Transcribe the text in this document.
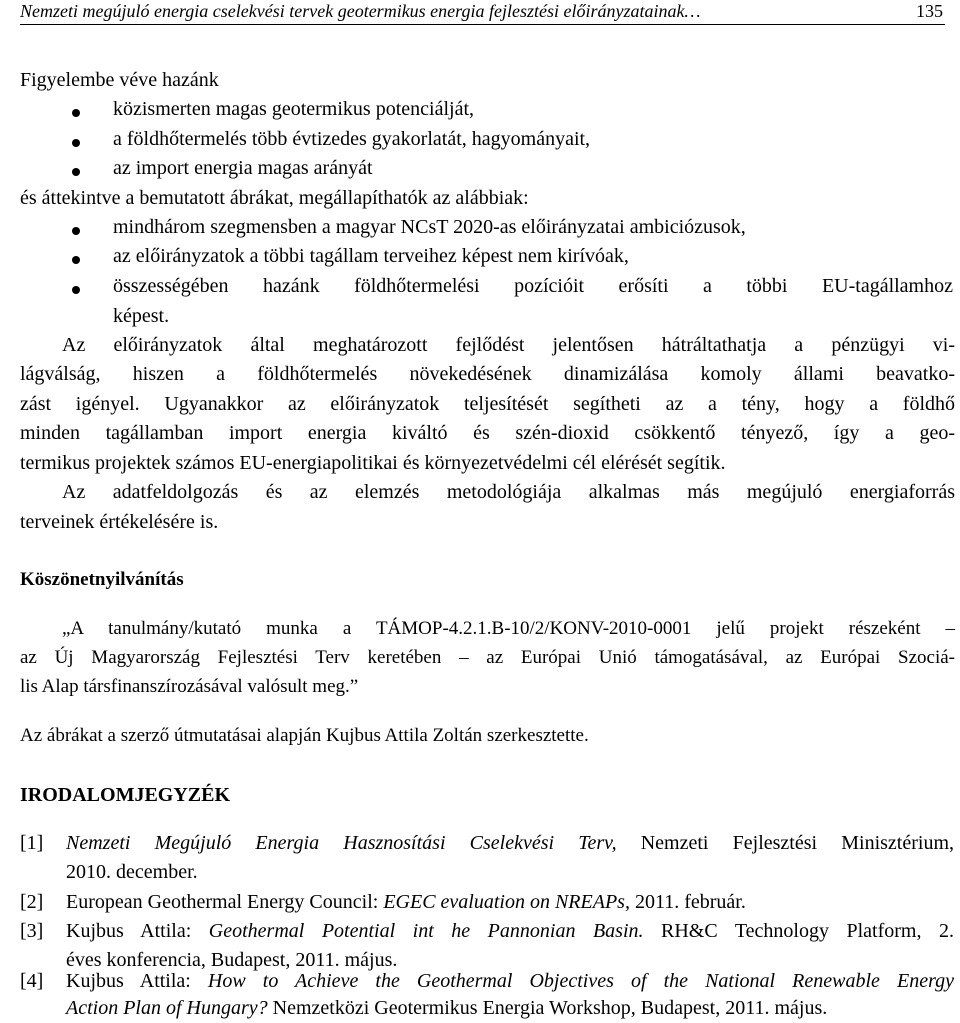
Nemzeti megújuló energia cselekvési tervek geotermikus energia fejlesztési előirányzatainak…	135
Figyelembe véve hazánk
közismerten magas geotermikus potenciálját,
a földhőtermelés több évtizedes gyakorlatát, hagyományait,
az import energia magas arányát
és áttekintve a bemutatott ábrákat, megállapíthatók az alábbiak:
mindhárom szegmensben a magyar NCsT 2020-as előirányzatai ambiciózusok,
az előirányzatok a többi tagállam terveihez képest nem kirívóak,
összességében hazánk földhőtermelési pozícióit erősíti a többi EU-tagállamhoz
képest.
Az előirányzatok által meghatározott fejlődést jelentősen hátráltathatja a pénzügyi vi-
lágválság, hiszen a földhőtermelés növekedésének dinamizálása komoly állami beavatko-
zást igényel. Ugyanakkor az előirányzatok teljesítését segítheti az a tény, hogy a földhő
minden tagállamban import energia kiváltó és szén-dioxid csökkentő tényező, így a geo-
termikus projektek számos EU-energiapolitikai és környezetvédelmi cél elérését segítik.
Az adatfeldolgozás és az elemzés metodológiája alkalmas más megújuló energiaforrás
terveinek értékelésére is.
Köszönetnyilvánítás
„A tanulmány/kutató munka a TÁMOP-4.2.1.B-10/2/KONV-2010-0001 jelű projekt részeként –
az Új Magyarország Fejlesztési Terv keretében – az Európai Unió támogatásával, az Európai Szociá-
lis Alap társfinanszírozásával valósult meg.”
Az ábrákat a szerző útmutatásai alapján Kujbus Attila Zoltán szerkesztette.
IRODALOMJEGYZÉK
[1] Nemzeti Megújuló Energia Hasznosítási Cselekvési Terv, Nemzeti Fejlesztési Minisztérium,
2010. december.
[2] European Geothermal Energy Council: EGEC evaluation on NREAPs, 2011. február.
[3] Kujbus Attila: Geothermal Potential int he Pannonian Basin. RH&C Technology Platform, 2.
éves konferencia, Budapest, 2011. május.
[4] Kujbus Attila: How to Achieve the Geothermal Objectives of the National Renewable Energy
Action Plan of Hungary? Nemzetközi Geotermikus Energia Workshop, Budapest, 2011. május.
